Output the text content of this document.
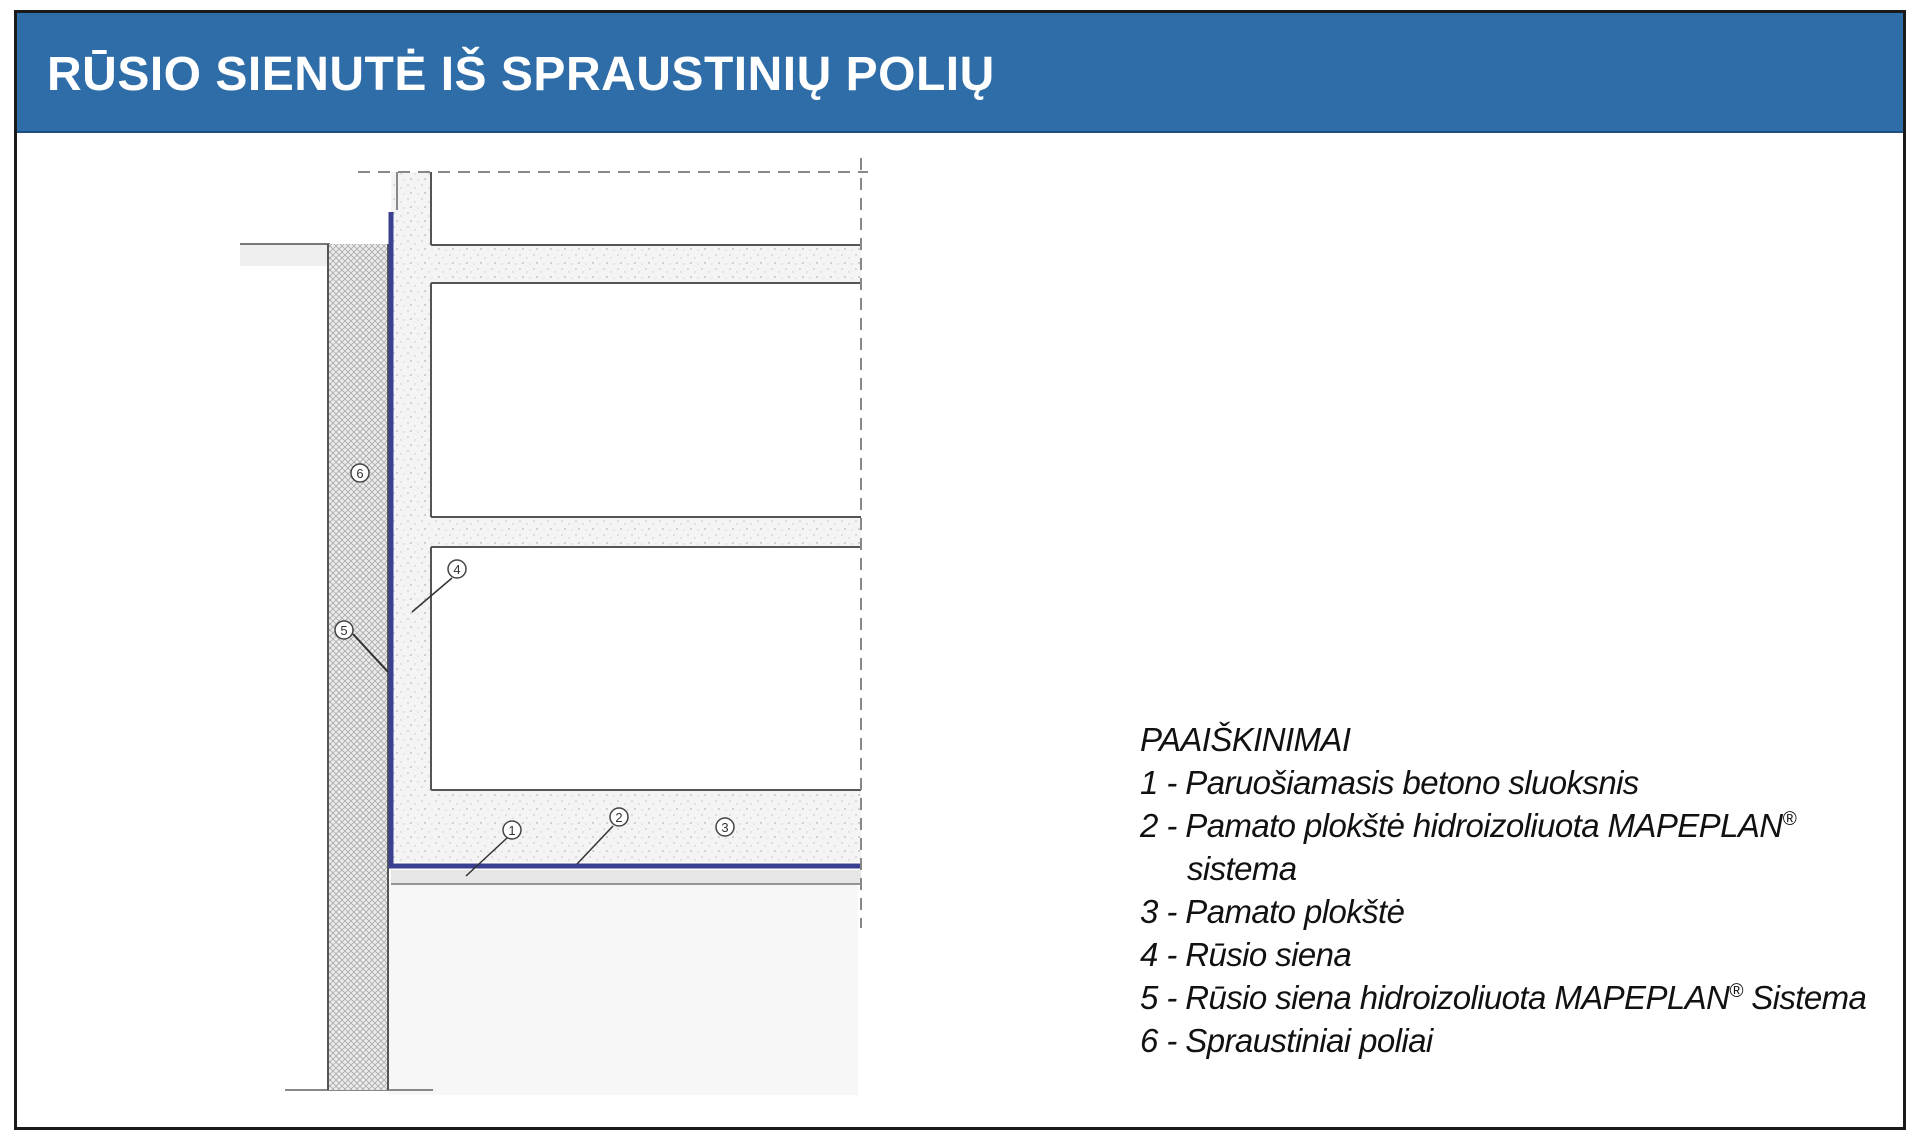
RŪSIO SIENUTĖ IŠ SPRAUSTINIŲ POLIŲ
6
4
5
1
2
3
PAAIŠKINIMAI
1 - Paruošiamasis betono sluoksnis
2 - Pamato plokštė hidroizoliuota MAPEPLAN®
sistema
3 - Pamato plokštė
4 - Rūsio siena
5 - Rūsio siena hidroizoliuota MAPEPLAN® Sistema
6 - Spraustiniai poliai
